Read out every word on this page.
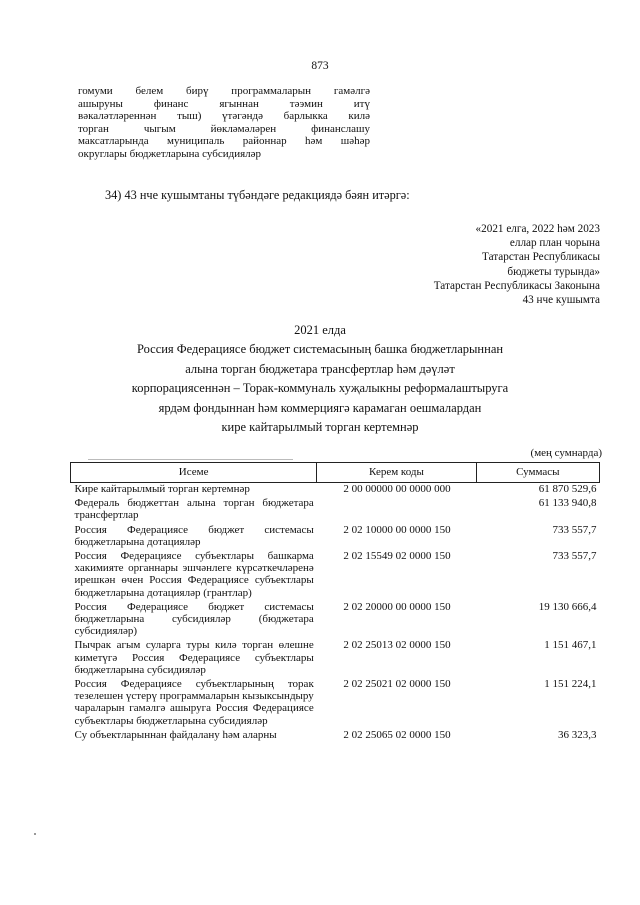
873
гомуми белем бирү программаларын гамәлгә
ашыруны финанс ягыннан тәэмин итү
вәкаләтләреннән тыш) үтәгәндә барлыкка килә
торган чыгым йөкләмәләрен финанслашу
максатларында муниципаль районнар һәм шәһәр
округлары бюджетларына субсидияләр
34) 43 нче кушымтаны түбәндәге редакциядә бәян итәргә:
«2021 елга, 2022 һәм 2023
еллар план чорына
Татарстан Республикасы
бюджеты турында»
Татарстан Республикасы Законына
43 нче кушымта
2021 елда
Россия Федерациясе бюджет системасының башка бюджетларыннан
алына торган бюджетара трансфертлар һәм дәүләт
корпорациясеннән – Торак-коммуналь хуҗалыкны реформалаштыруга
ярдәм фондыннан һәм коммерциягә карамаган оешмалардан
кире кайтарылмый торган кертемнәр
(мең сумнарда)
Исеме	Керем коды	Суммасы
Кире кайтарылмый торган кертемнәр	2 00 00000 00 0000 000	61 870 529,6
Федераль бюджеттан алына торган бюджетара трансфертлар		61 133 940,8
Россия Федерациясе бюджет системасы бюджетларына дотацияләр	2 02 10000 00 0000 150	733 557,7
Россия Федерациясе субъектлары башкарма хакимияте органнары эшчәнлеге күрсәткечләренә ирешкән өчен Россия Федерациясе субъектлары бюджетларына дотацияләр (грантлар)	2 02 15549 02 0000 150	733 557,7
Россия Федерациясе бюджет системасы бюджетларына субсидияләр (бюджетара субсидияләр)	2 02 20000 00 0000 150	19 130 666,4
Пычрак агым суларга туры килә торган өлешне киметүгә Россия Федерациясе субъектлары бюджетларына субсидияләр	2 02 25013 02 0000 150	1 151 467,1
Россия Федерациясе субъектларының торак тезелешен үстерү программаларын кызыксындыру чараларын гамәлгә ашыруга Россия Федерациясе субъектлары бюджетларына субсидияләр	2 02 25021 02 0000 150	1 151 224,1
Су объектларыннан файдалану һәм аларны	2 02 25065 02 0000 150	36 323,3
